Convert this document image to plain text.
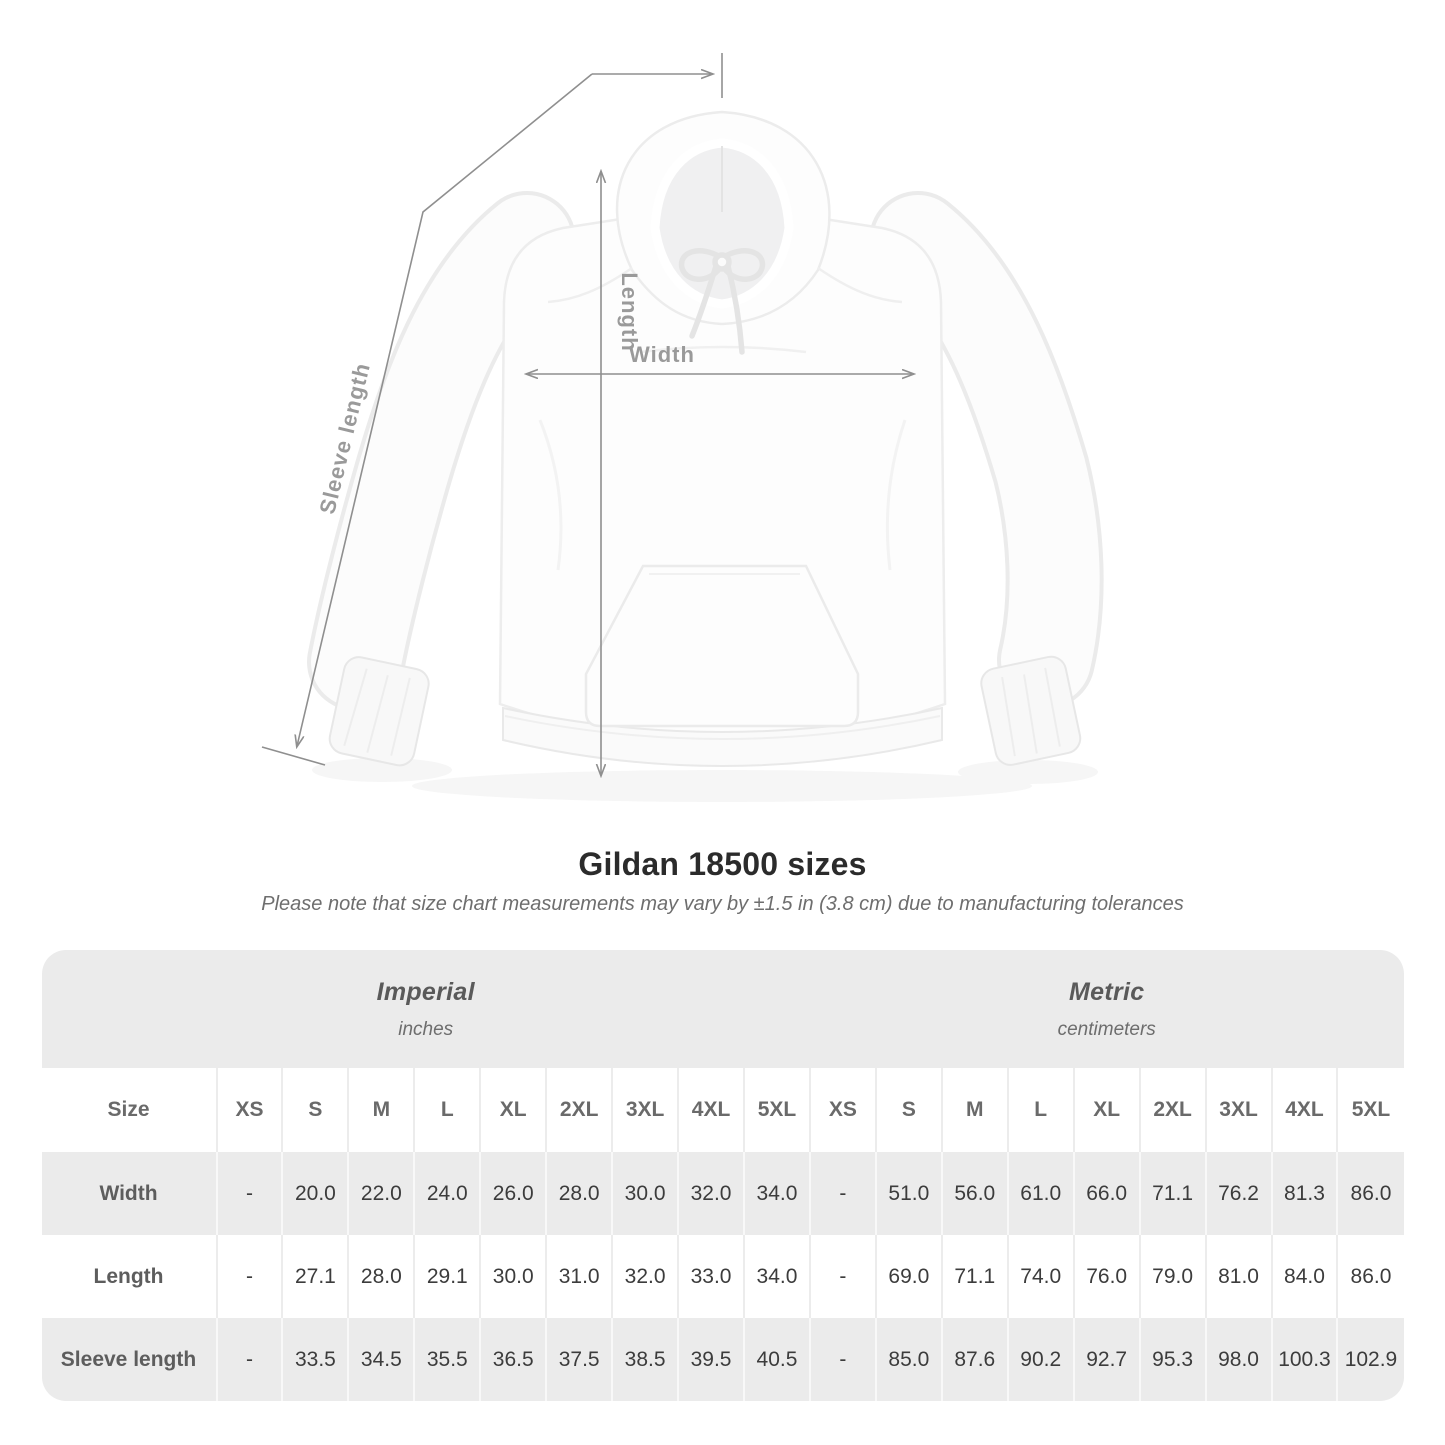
Sleeve length
Length
Width
Gildan 18500 sizes

Please note that size chart measurements may vary by ±1.5 in (3.8 cm) due to manufacturing tolerances

Imperial
inches

Metric
centimeters

Size	XS	S	M	L	XL	2XL	3XL	4XL	5XL	XS	S	M	L	XL	2XL	3XL	4XL	5XL
Width	-	20.0	22.0	24.0	26.0	28.0	30.0	32.0	34.0	-	51.0	56.0	61.0	66.0	71.1	76.2	81.3	86.0
Length	-	27.1	28.0	29.1	30.0	31.0	32.0	33.0	34.0	-	69.0	71.1	74.0	76.0	79.0	81.0	84.0	86.0
Sleeve length	-	33.5	34.5	35.5	36.5	37.5	38.5	39.5	40.5	-	85.0	87.6	90.2	92.7	95.3	98.0	100.3	102.9
